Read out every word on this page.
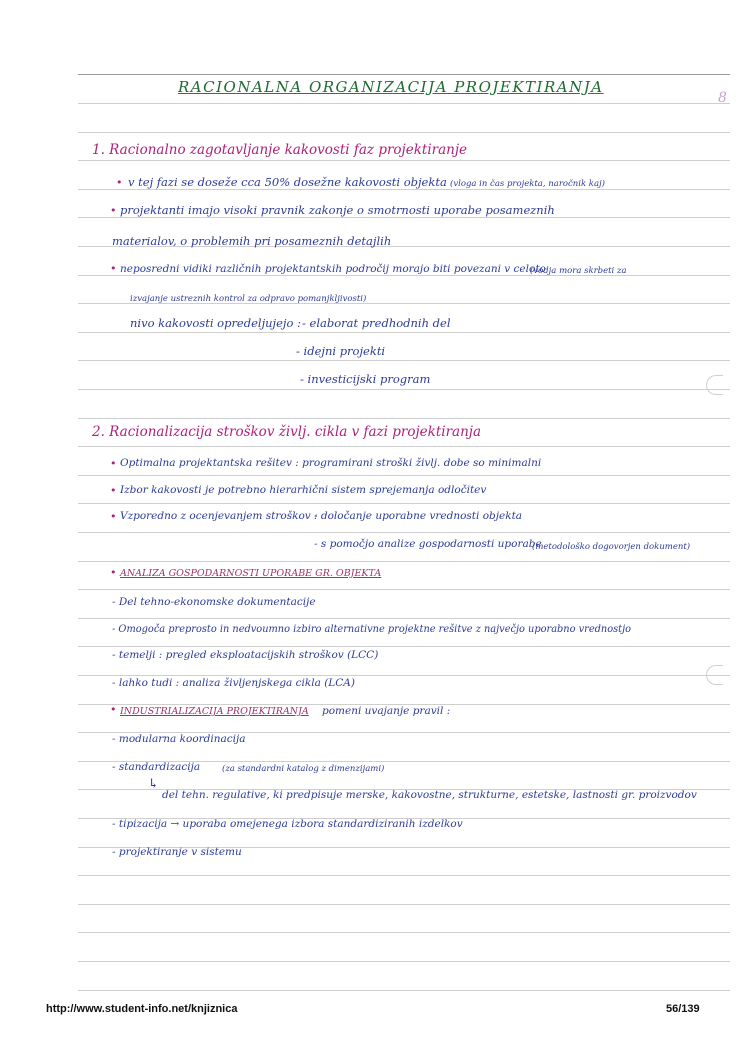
8
RACIONALNA ORGANIZACIJA PROJEKTIRANJA
1. Racionalno zagotavljanje kakovosti faz projektiranje
• v tej fazi se doseže cca 50% dosežne kakovosti objekta (vloga in čas projekta, naročnik kaj)
• projektanti imajo visoki pravnik zakonje o smotrnosti uporabe posameznih
materialov, o problemih pri posameznih detajlih
• neposredni vidiki različnih projektantskih področij morajo biti povezani v celoto
(vodja mora skrbeti za
izvajanje ustreznih kontrol za odpravo pomanjkljivosti)
nivo kakovosti opredeljujejo : - elaborat predhodnih del
- idejni projekti
- investicijski program
2. Racionalizacija stroškov življ. cikla v fazi projektiranja
• Optimalna projektantska rešitev : programirani stroški življ. dobe so minimalni
• Izbor kakovosti je potrebno hierarhični sistem sprejemanja odločitev
• Vzporedno z ocenjevanjem stroškov :
- določanje uporabne vrednosti objekta
- s pomočjo analize gospodarnosti uporabe
(metodološko dogovorjen dokument)
• ANALIZA GOSPODARNOSTI UPORABE GR. OBJEKTA
- Del tehno-ekonomske dokumentacije
- Omogoča preprosto in nedvoumno izbiro alternativne projektne rešitve z največjo uporabno vrednostjo
- temelji : pregled eksploatacijskih stroškov (LCC)
- lahko tudi : analiza življenjskega cikla (LCA)
• INDUSTRIALIZACIJA PROJEKTIRANJA pomeni uvajanje pravil :
- modularna koordinacija
- standardizacija	(za standardni katalog z dimenzijami)
↳
del tehn. regulative, ki predpisuje merske, kakovostne, strukturne, estetske, lastnosti gr. proizvodov
- tipizacija → uporaba omejenega izbora standardiziranih izdelkov
- projektiranje v sistemu
http://www.student-info.net/knjiznica	56/139
